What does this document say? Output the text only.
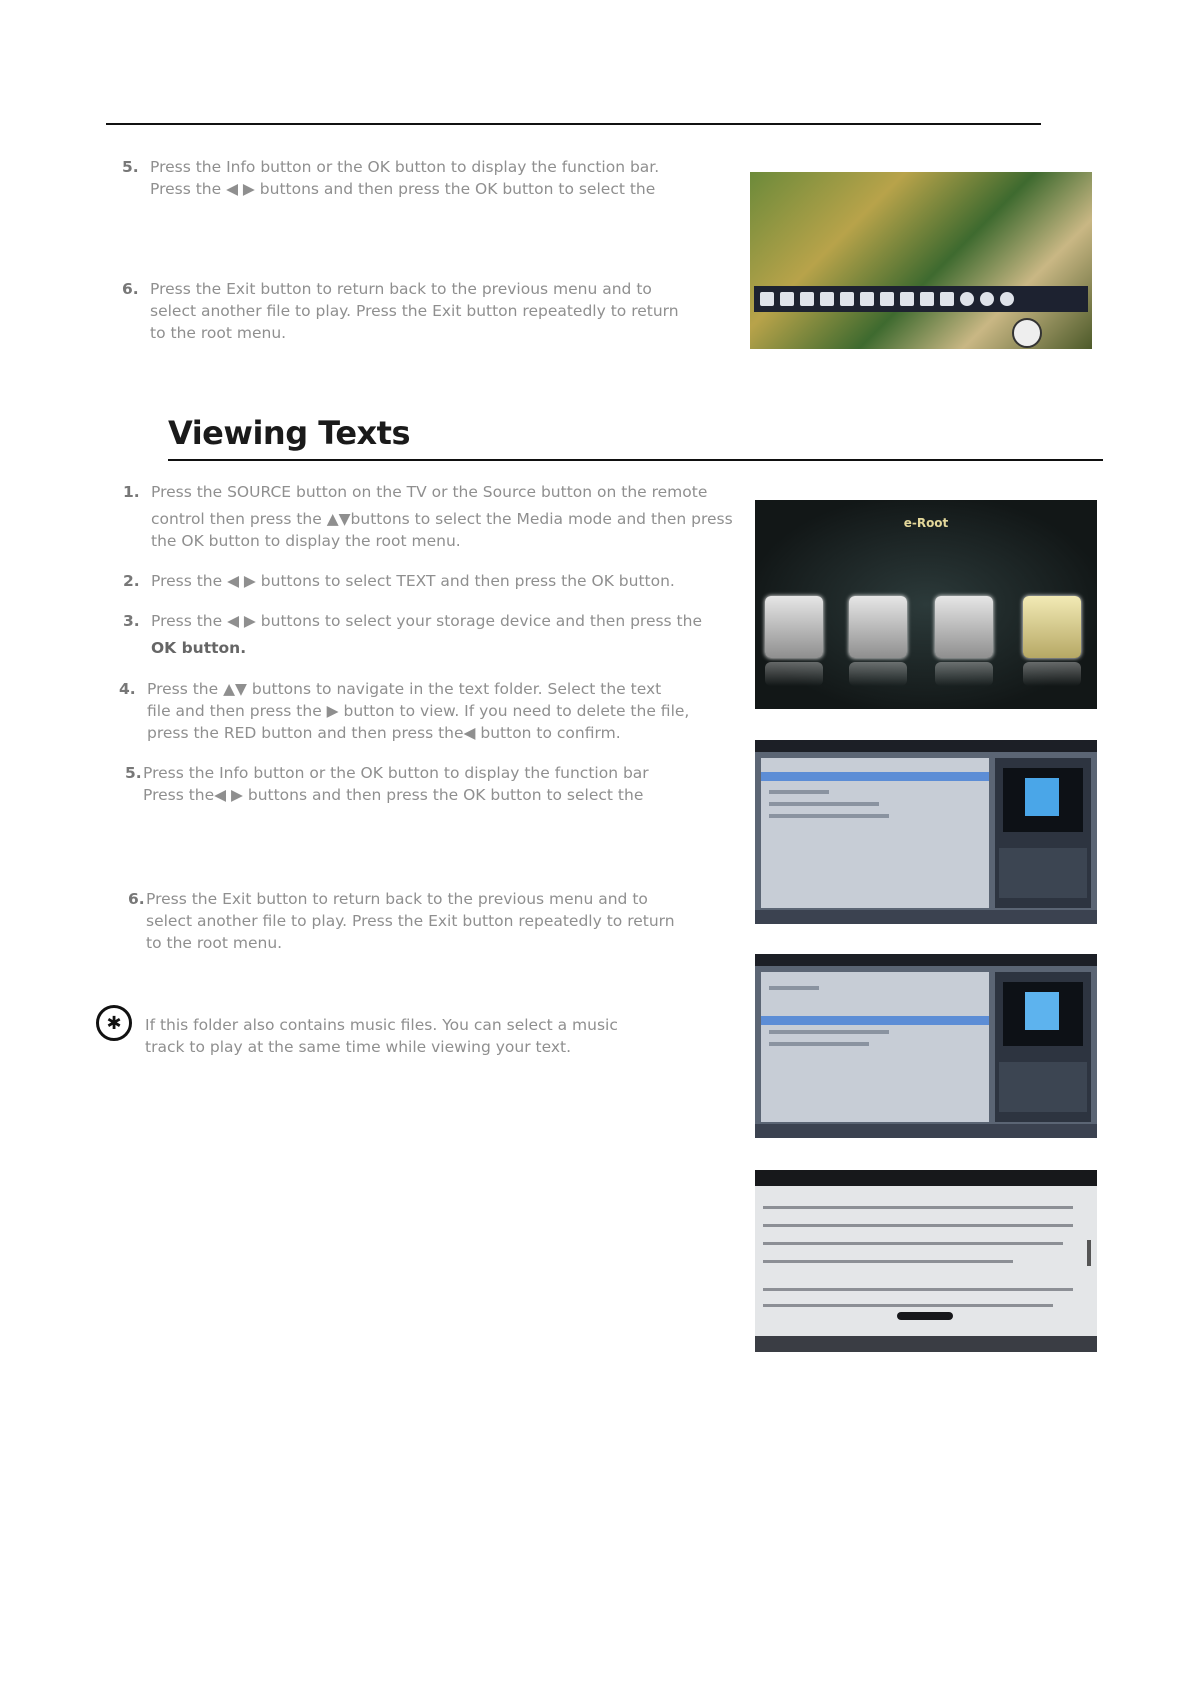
5. Press the Info button or the OK button to display the function bar.

Press the ◀ ▶ buttons and then press the OK button to select the

6. Press the Exit button to return back to the previous menu and to

select another file to play. Press the Exit button repeatedly to return

to the root menu.

Viewing Texts
1. Press the SOURCE button on the TV or the Source button on the remote

control then press the ▲▼buttons to select the Media mode and then press

the OK button to display the root menu.

2. Press the ◀ ▶ buttons to select TEXT and then press the OK button.

3. Press the ◀ ▶ buttons to select your storage device and then press the

OK button.

4. Press the ▲▼ buttons to navigate in the text folder. Select the text

file and then press the ▶ button to view. If you need to delete the file,

press the RED button and then press the◀ button to confirm.

5. Press the Info button or the OK button to display the function bar

Press the◀ ▶ buttons and then press the OK button to select the

6. Press the Exit button to return back to the previous menu and to

select another file to play. Press the Exit button repeatedly to return

to the root menu.

✱	If this folder also contains music files. You can select a music

track to play at the same time while viewing your text.

e-Root
